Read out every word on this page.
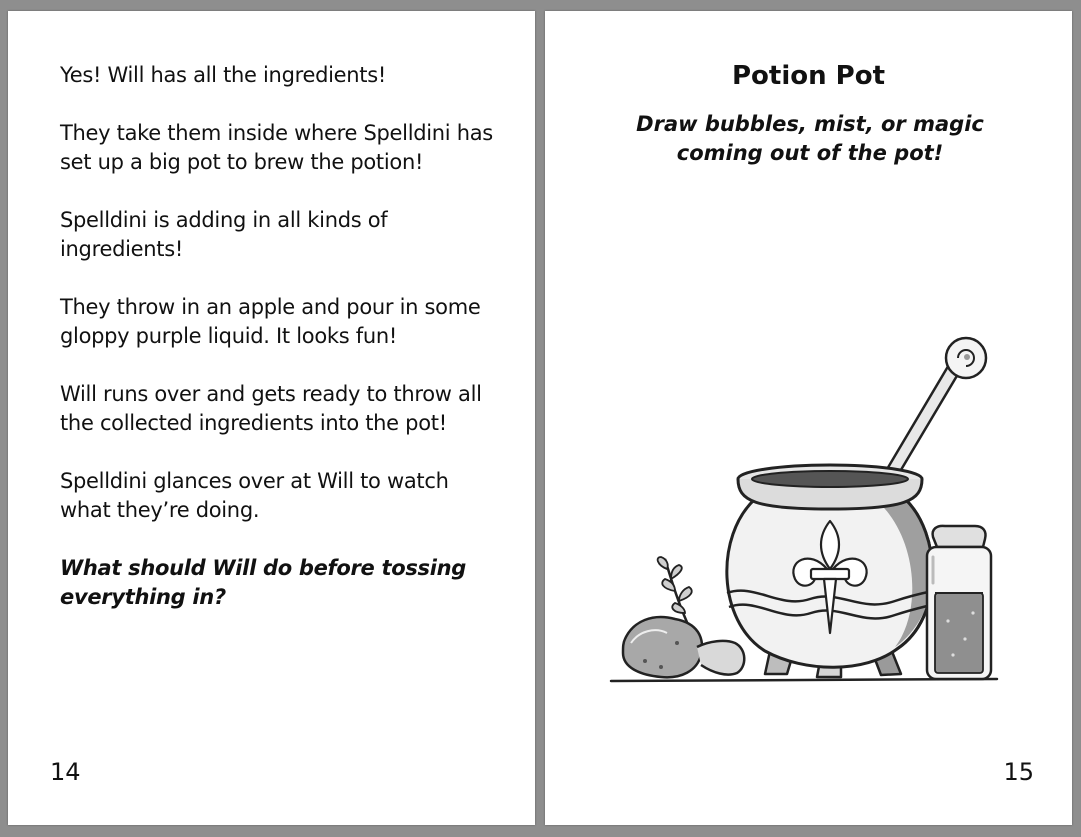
Yes! Will has all the ingredients!

They take them inside where Spelldini has set up a big pot to brew the potion!

Spelldini is adding in all kinds of ingredients!

They throw in an apple and pour in some gloppy purple liquid. It looks fun!

Will runs over and gets ready to throw all the collected ingredients into the pot!

Spelldini glances over at Will to watch what they’re doing.

What should Will do before tossing everything in?

14
Potion Pot
Draw bubbles, mist, or magic
coming out of the pot!
15
